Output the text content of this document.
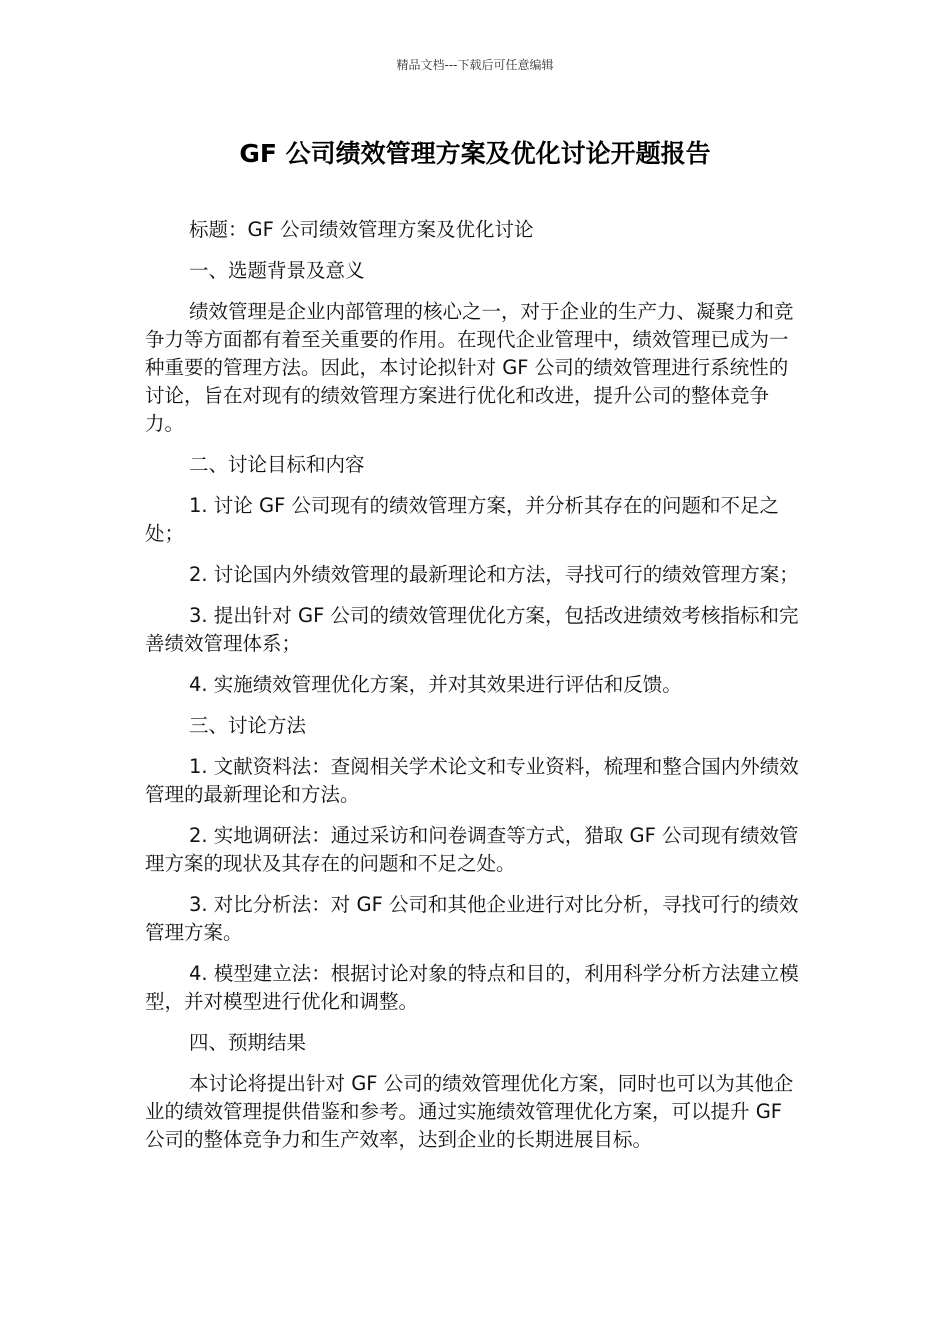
精品文档---下载后可任意编辑
GF 公司绩效管理方案及优化讨论开题报告

标题：GF 公司绩效管理方案及优化讨论

一、选题背景及意义

绩效管理是企业内部管理的核心之一，对于企业的生产力、凝聚力和竞争力等方面都有着至关重要的作用。在现代企业管理中，绩效管理已成为一种重要的管理方法。因此，本讨论拟针对 GF 公司的绩效管理进行系统性的讨论，旨在对现有的绩效管理方案进行优化和改进，提升公司的整体竞争力。

二、讨论目标和内容

1. 讨论 GF 公司现有的绩效管理方案，并分析其存在的问题和不足之处；

2. 讨论国内外绩效管理的最新理论和方法，寻找可行的绩效管理方案；

3. 提出针对 GF 公司的绩效管理优化方案，包括改进绩效考核指标和完善绩效管理体系；

4. 实施绩效管理优化方案，并对其效果进行评估和反馈。

三、讨论方法

1. 文献资料法：查阅相关学术论文和专业资料，梳理和整合国内外绩效管理的最新理论和方法。

2. 实地调研法：通过采访和问卷调查等方式，猎取 GF 公司现有绩效管理方案的现状及其存在的问题和不足之处。

3. 对比分析法：对 GF 公司和其他企业进行对比分析，寻找可行的绩效管理方案。

4. 模型建立法：根据讨论对象的特点和目的，利用科学分析方法建立模型，并对模型进行优化和调整。

四、预期结果

本讨论将提出针对 GF 公司的绩效管理优化方案，同时也可以为其他企业的绩效管理提供借鉴和参考。通过实施绩效管理优化方案，可以提升 GF 公司的整体竞争力和生产效率，达到企业的长期进展目标。
